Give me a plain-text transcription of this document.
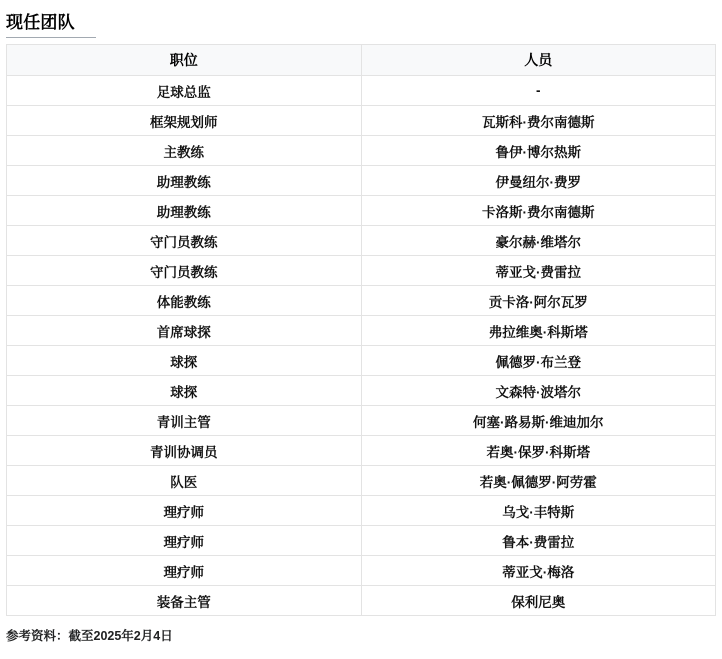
现任团队
职位	人员
足球总监	-
框架规划师	瓦斯科·费尔南德斯
主教练	鲁伊·博尔热斯
助理教练	伊曼纽尔·费罗
助理教练	卡洛斯·费尔南德斯
守门员教练	豪尔赫·维塔尔
守门员教练	蒂亚戈·费雷拉
体能教练	贡卡洛·阿尔瓦罗
首席球探	弗拉维奥·科斯塔
球探	佩德罗·布兰登
球探	文森特·波塔尔
青训主管	何塞·路易斯·维迪加尔
青训协调员	若奥·保罗·科斯塔
队医	若奥·佩德罗·阿劳霍
理疗师	乌戈·丰特斯
理疗师	鲁本·费雷拉
理疗师	蒂亚戈·梅洛
装备主管	保利尼奥
参考资料：截至2025年2月4日
